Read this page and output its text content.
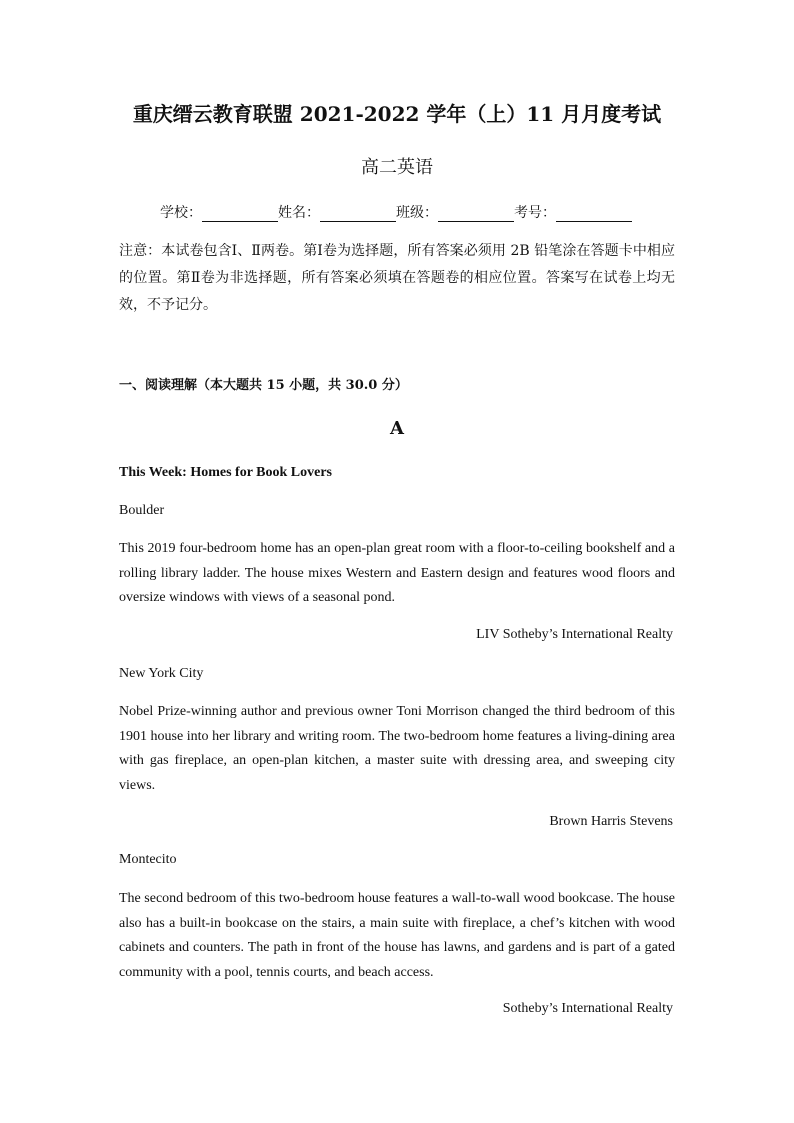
重庆缙云教育联盟 2021-2022 学年（上）11 月月度考试
高二英语
学校：	姓名：	班级：	考号：
注意：本试卷包含Ⅰ、Ⅱ两卷。第Ⅰ卷为选择题，所有答案必须用 2B 铅笔涂在答题卡中相应的位置。第Ⅱ卷为非选择题，所有答案必须填在答题卷的相应位置。答案写在试卷上均无效，不予记分。
一、阅读理解（本大题共 15 小题，共 30.0 分）
A
This Week: Homes for Book Lovers
Boulder
This 2019 four-bedroom home has an open-plan great room with a floor-to-ceiling bookshelf and a rolling library ladder. The house mixes Western and Eastern design and features wood floors and oversize windows with views of a seasonal pond.
LIV Sotheby’s International Realty
New York City
Nobel Prize-winning author and previous owner Toni Morrison changed the third bedroom of this 1901 house into her library and writing room. The two-bedroom home features a living-dining area with gas fireplace, an open-plan kitchen, a master suite with dressing area, and sweeping city views.
Brown Harris Stevens
Montecito
The second bedroom of this two-bedroom house features a wall-to-wall wood bookcase. The house also has a built-in bookcase on the stairs, a main suite with fireplace, a chef’s kitchen with wood cabinets and counters. The path in front of the house has lawns, and gardens and is part of a gated community with a pool, tennis courts, and beach access.
Sotheby’s International Realty
